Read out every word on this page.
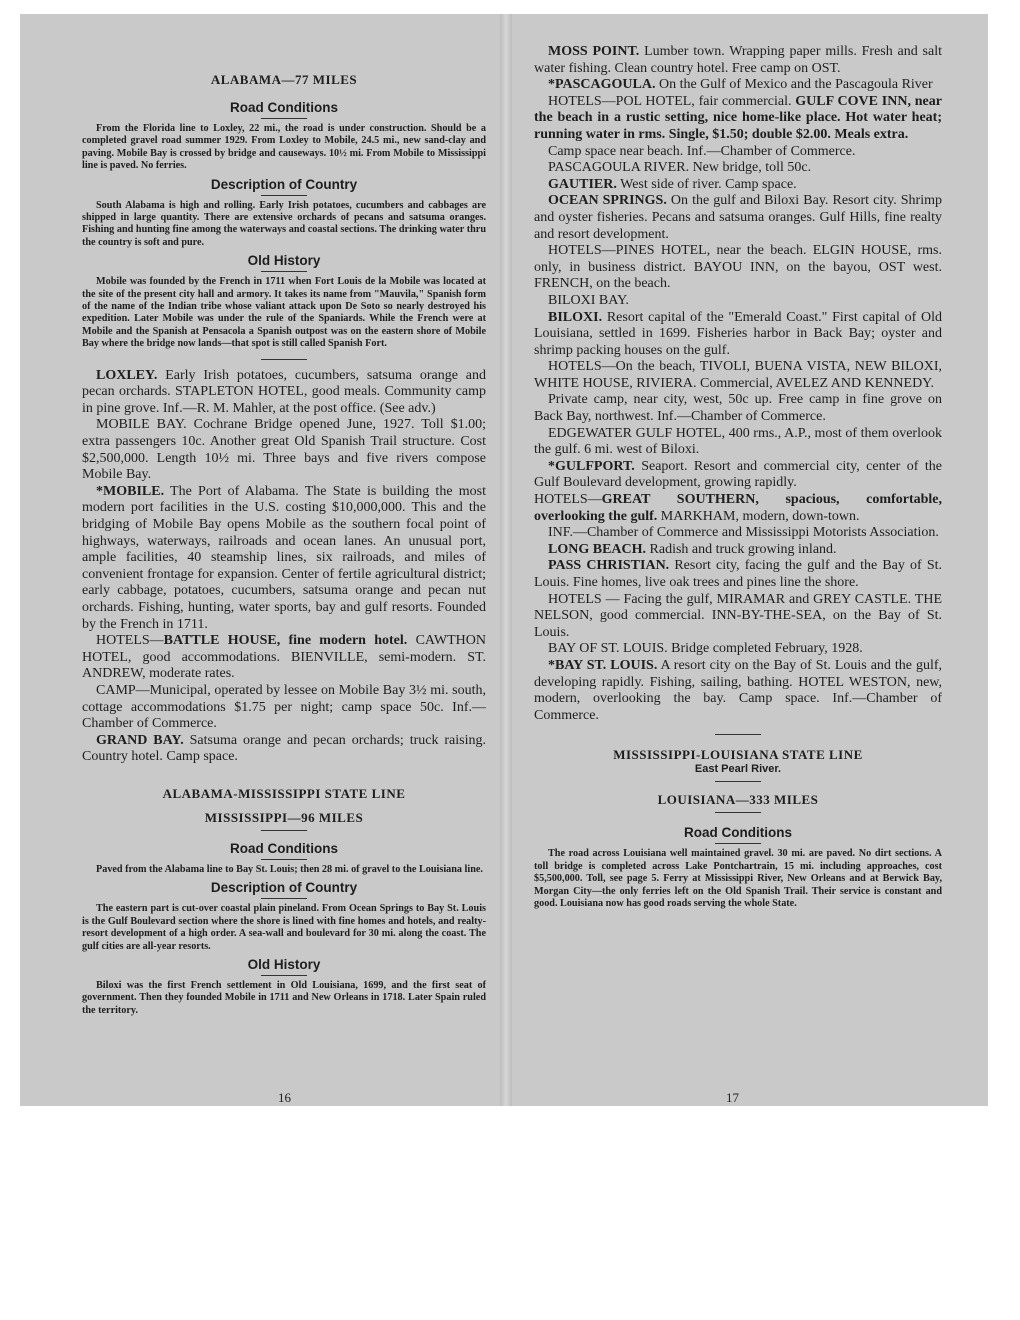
ALABAMA—77 MILES

Road Conditions

From the Florida line to Loxley, 22 mi., the road is under construction. Should be a completed gravel road summer 1929. From Loxley to Mobile, 24.5 mi., new sand-clay and paving. Mobile Bay is crossed by bridge and causeways. 10½ mi. From Mobile to Mississippi line is paved. No ferries.

Description of Country

South Alabama is high and rolling. Early Irish potatoes, cucumbers and cabbages are shipped in large quantity. There are extensive orchards of pecans and satsuma oranges. Fishing and hunting fine among the waterways and coastal sections. The drinking water thru the country is soft and pure.

Old History

Mobile was founded by the French in 1711 when Fort Louis de la Mobile was located at the site of the present city hall and armory. It takes its name from "Mauvila," Spanish form of the name of the Indian tribe whose valiant attack upon De Soto so nearly destroyed his expedition. Later Mobile was under the rule of the Spaniards. While the French were at Mobile and the Spanish at Pensacola a Spanish outpost was on the eastern shore of Mobile Bay where the bridge now lands—that spot is still called Spanish Fort.

LOXLEY. Early Irish potatoes, cucumbers, satsuma orange and pecan orchards. STAPLETON HOTEL, good meals. Community camp in pine grove. Inf.—R. M. Mahler, at the post office. (See adv.)

MOBILE BAY. Cochrane Bridge opened June, 1927. Toll $1.00; extra passengers 10c. Another great Old Spanish Trail structure. Cost $2,500,000. Length 10½ mi. Three bays and five rivers compose Mobile Bay.

*MOBILE. The Port of Alabama. The State is building the most modern port facilities in the U.S. costing $10,000,000. This and the bridging of Mobile Bay opens Mobile as the southern focal point of highways, waterways, railroads and ocean lanes. An unusual port, ample facilities, 40 steamship lines, six railroads, and miles of convenient frontage for expansion. Center of fertile agricultural district; early cabbage, potatoes, cucumbers, satsuma orange and pecan nut orchards. Fishing, hunting, water sports, bay and gulf resorts. Founded by the French in 1711.

HOTELS—BATTLE HOUSE, fine modern hotel. CAWTHON HOTEL, good accommodations. BIENVILLE, semi-modern. ST. ANDREW, moderate rates.

CAMP—Municipal, operated by lessee on Mobile Bay 3½ mi. south, cottage accommodations $1.75 per night; camp space 50c. Inf.—Chamber of Commerce.

GRAND BAY. Satsuma orange and pecan orchards; truck raising. Country hotel. Camp space.

ALABAMA-MISSISSIPPI STATE LINE

MISSISSIPPI—96 MILES

Road Conditions

Paved from the Alabama line to Bay St. Louis; then 28 mi. of gravel to the Louisiana line.

Description of Country

The eastern part is cut-over coastal plain pineland. From Ocean Springs to Bay St. Louis is the Gulf Boulevard section where the shore is lined with fine homes and hotels, and realty-resort development of a high order. A sea-wall and boulevard for 30 mi. along the coast. The gulf cities are all-year resorts.

Old History

Biloxi was the first French settlement in Old Louisiana, 1699, and the first seat of government. Then they founded Mobile in 1711 and New Orleans in 1718. Later Spain ruled the territory.

16

MOSS POINT. Lumber town. Wrapping paper mills. Fresh and salt water fishing. Clean country hotel. Free camp on OST.

*PASCAGOULA. On the Gulf of Mexico and the Pascagoula River

HOTELS—POL HOTEL, fair commercial. GULF COVE INN, near the beach in a rustic setting, nice home-like place. Hot water heat; running water in rms. Single, $1.50; double $2.00. Meals extra.

Camp space near beach. Inf.—Chamber of Commerce.

PASCAGOULA RIVER. New bridge, toll 50c.

GAUTIER. West side of river. Camp space.

OCEAN SPRINGS. On the gulf and Biloxi Bay. Resort city. Shrimp and oyster fisheries. Pecans and satsuma oranges. Gulf Hills, fine realty and resort development.

HOTELS—PINES HOTEL, near the beach. ELGIN HOUSE, rms. only, in business district. BAYOU INN, on the bayou, OST west. FRENCH, on the beach.

BILOXI BAY.

BILOXI. Resort capital of the "Emerald Coast." First capital of Old Louisiana, settled in 1699. Fisheries harbor in Back Bay; oyster and shrimp packing houses on the gulf.

HOTELS—On the beach, TIVOLI, BUENA VISTA, NEW BILOXI, WHITE HOUSE, RIVIERA. Commercial, AVELEZ AND KENNEDY.

Private camp, near city, west, 50c up. Free camp in fine grove on Back Bay, northwest. Inf.—Chamber of Commerce.

EDGEWATER GULF HOTEL, 400 rms., A.P., most of them overlook the gulf. 6 mi. west of Biloxi.

*GULFPORT. Seaport. Resort and commercial city, center of the Gulf Boulevard development, growing rapidly.

HOTELS—GREAT SOUTHERN, spacious, comfortable, overlooking the gulf. MARKHAM, modern, down-town.

INF.—Chamber of Commerce and Mississippi Motorists Association.

LONG BEACH. Radish and truck growing inland.

PASS CHRISTIAN. Resort city, facing the gulf and the Bay of St. Louis. Fine homes, live oak trees and pines line the shore.

HOTELS — Facing the gulf, MIRAMAR and GREY CASTLE. THE NELSON, good commercial. INN-BY-THE-SEA, on the Bay of St. Louis.

BAY OF ST. LOUIS. Bridge completed February, 1928.

*BAY ST. LOUIS. A resort city on the Bay of St. Louis and the gulf, developing rapidly. Fishing, sailing, bathing. HOTEL WESTON, new, modern, overlooking the bay. Camp space. Inf.—Chamber of Commerce.

MISSISSIPPI-LOUISIANA STATE LINE

East Pearl River.

LOUISIANA—333 MILES

Road Conditions

The road across Louisiana well maintained gravel. 30 mi. are paved. No dirt sections. A toll bridge is completed across Lake Pontchartrain, 15 mi. including approaches, cost $5,500,000. Toll, see page 5. Ferry at Mississippi River, New Orleans and at Berwick Bay, Morgan City—the only ferries left on the Old Spanish Trail. Their service is constant and good. Louisiana now has good roads serving the whole State.

17
